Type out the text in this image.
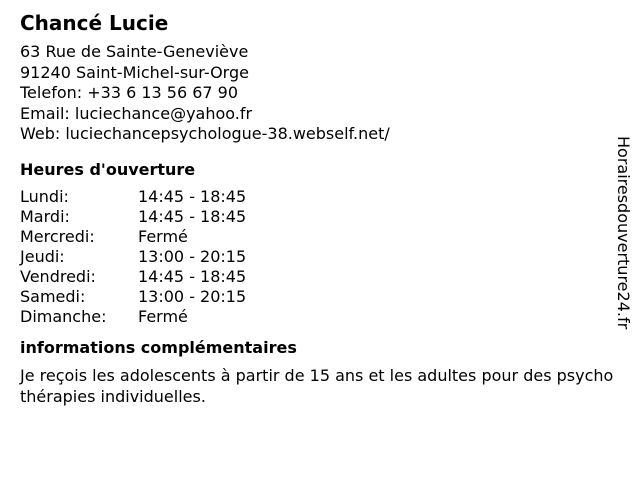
Chancé Lucie
63 Rue de Sainte-Geneviève
91240 Saint-Michel-sur-Orge
Telefon: +33 6 13 56 67 90
Email: luciechance@yahoo.fr
Web: luciechancepsychologue-38.webself.net/
Heures d'ouverture
Lundi:	14:45 - 18:45
Mardi:	14:45 - 18:45
Mercredi:	Fermé
Jeudi:	13:00 - 20:15
Vendredi:	14:45 - 18:45
Samedi:	13:00 - 20:15
Dimanche:	Fermé
informations complémentaires
Je reçois les adolescents à partir de 15 ans et les adultes pour des psychothérapies individuelles.
Horairesdouverture24.fr
